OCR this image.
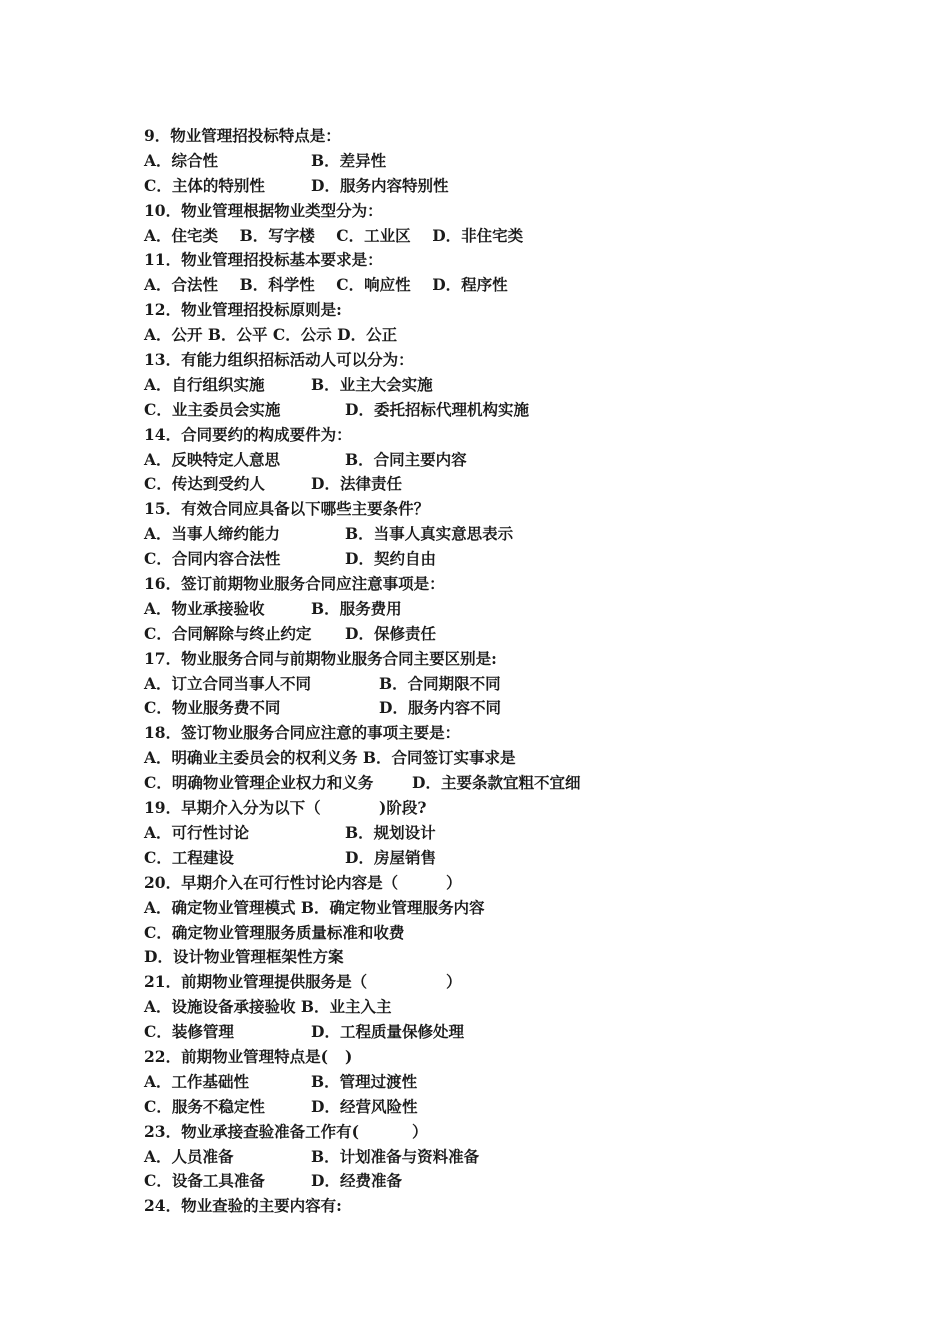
9．物业管理招投标特点是：
A．综合性	B．差异性
C．主体的特别性	D．服务内容特别性
10．物业管理根据物业类型分为：
A．住宅类    B．写字楼    C．工业区    D．非住宅类
11．物业管理招投标基本要求是：
A．合法性    B．科学性    C．响应性    D．程序性
12．物业管理招投标原则是:
A．公开 B．公平 C．公示 D．公正
13．有能力组织招标活动人可以分为：
A．自行组织实施	B．业主大会实施
C．业主委员会实施	D．委托招标代理机构实施
14．合同要约的构成要件为：
A．反映特定人意思	B．合同主要内容
C．传达到受约人	D．法律责任
15．有效合同应具备以下哪些主要条件？
A．当事人缔约能力	B．当事人真实意思表示
C．合同内容合法性	D．契约自由
16．签订前期物业服务合同应注意事项是：
A．物业承接验收	B．服务费用
C．合同解除与终止约定 D．保修责任
17．物业服务合同与前期物业服务合同主要区别是:
A．订立合同当事人不同	B．合同期限不同
C．物业服务费不同	D．服务内容不同
18．签订物业服务合同应注意的事项主要是：
A．明确业主委员会的权利义务 B．合同签订实事求是
C．明确物业管理企业权力和义务 D．主要条款宜粗不宜细
19．早期介入分为以下（	)阶段?
A．可行性讨论	B．规划设计
C．工程建设	D．房屋销售
20．早期介入在可行性讨论内容是（	）
A．确定物业管理模式 B．确定物业管理服务内容
C．确定物业管理服务质量标准和收费
D．设计物业管理框架性方案
21．前期物业管理提供服务是（	）
A．设施设备承接验收 B．业主入主
C．装修管理	D．工程质量保修处理
22．前期物业管理特点是( )
A．工作基础性	B．管理过渡性
C．服务不稳定性	D．经营风险性
23．物业承接查验准备工作有(	）
A．人员准备	B．计划准备与资料准备
C．设备工具准备	D．经费准备
24．物业查验的主要内容有:
